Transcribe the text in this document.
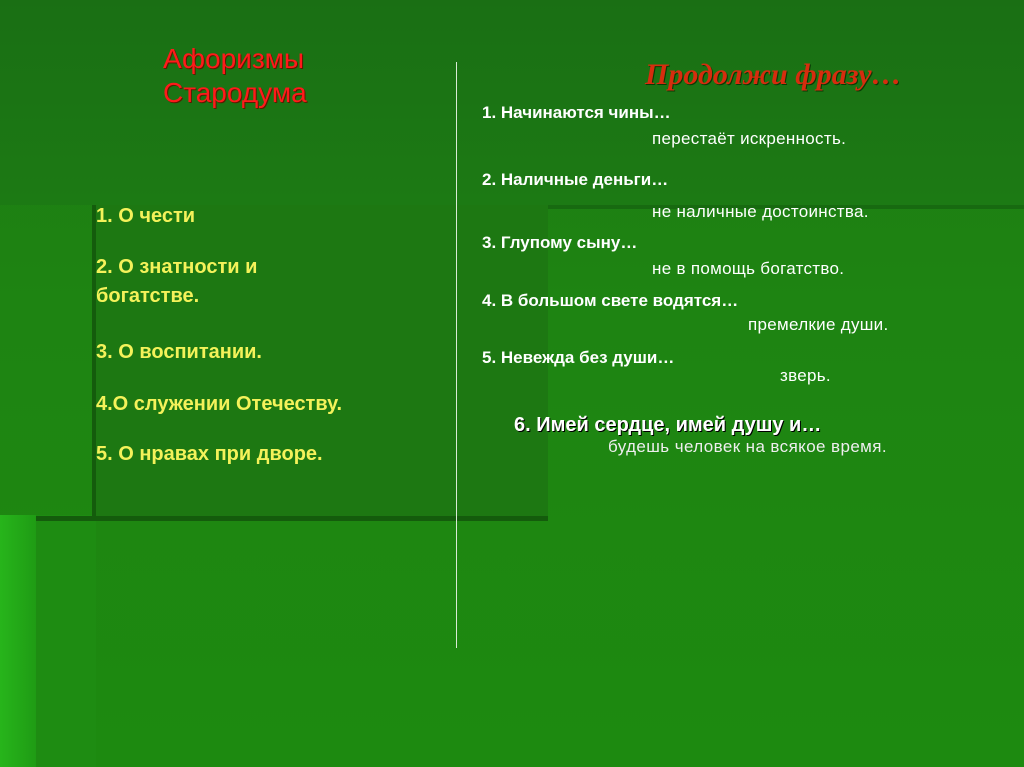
Афоризмы Стародума
Продолжи фразу…
1. О чести
2. О знатности и богатстве.
3. О воспитании.
4.О служении Отечеству.
5. О нравах при дворе.
1. Начинаются чины…
перестаёт искренность.
2. Наличные деньги…
не наличные достоинства.
3. Глупому сыну…
не в помощь богатство.
4. В большом свете водятся…
премелкие души.
5. Невежда без души…
зверь.

6. Имей сердце, имей душу и…

будешь человек на всякое время.
